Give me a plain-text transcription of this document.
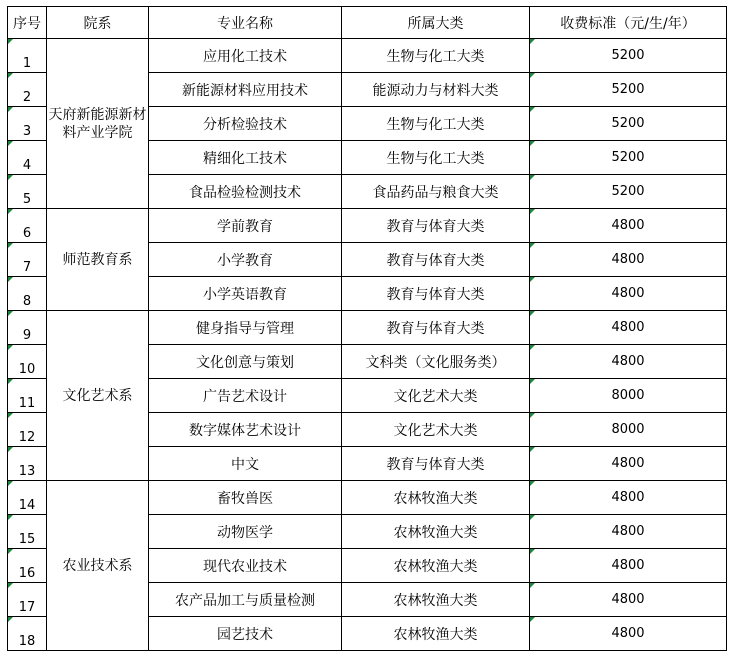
序号	院系	专业名称	所属大类	收费标准（元/生/年）
1	天府新能源新材料产业学院	应用化工技术	生物与化工大类	5200
2		新能源材料应用技术	能源动力与材料大类	5200
3		分析检验技术	生物与化工大类	5200
4		精细化工技术	生物与化工大类	5200
5		食品检验检测技术	食品药品与粮食大类	5200
6	师范教育系	学前教育	教育与体育大类	4800
7		小学教育	教育与体育大类	4800
8		小学英语教育	教育与体育大类	4800
9	文化艺术系	健身指导与管理	教育与体育大类	4800
10		文化创意与策划	文科类（文化服务类）	4800
11		广告艺术设计	文化艺术大类	8000
12		数字媒体艺术设计	文化艺术大类	8000
13		中文	教育与体育大类	4800
14	农业技术系	畜牧兽医	农林牧渔大类	4800
15		动物医学	农林牧渔大类	4800
16		现代农业技术	农林牧渔大类	4800
17		农产品加工与质量检测	农林牧渔大类	4800
18		园艺技术	农林牧渔大类	4800
